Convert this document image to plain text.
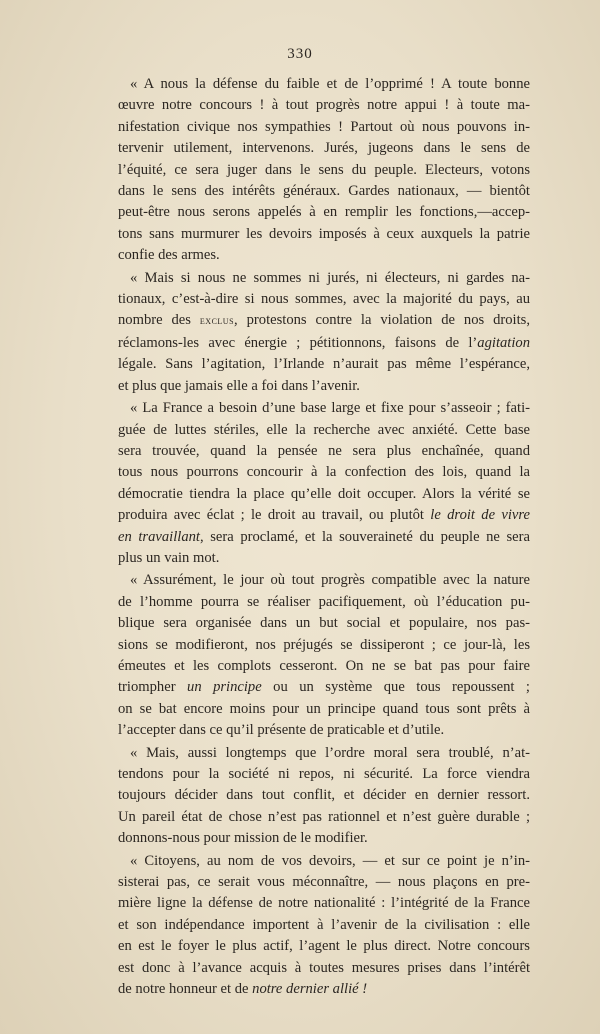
330
« A nous la défense du faible et de l’opprimé ! A toute bonne
œuvre notre concours ! à tout progrès notre appui ! à toute ma-
nifestation civique nos sympathies ! Partout où nous pouvons in-
tervenir utilement, intervenons. Jurés, jugeons dans le sens de
l’équité, ce sera juger dans le sens du peuple. Electeurs, votons
dans le sens des intérêts généraux. Gardes nationaux, — bientôt
peut-être nous serons appelés à en remplir les fonctions,—accep-
tons sans murmurer les devoirs imposés à ceux auxquels la patrie
confie des armes.
« Mais si nous ne sommes ni jurés, ni électeurs, ni gardes na-
tionaux, c’est-à-dire si nous sommes, avec la majorité du pays, au
nombre des exclus, protestons contre la violation de nos droits,
réclamons-les avec énergie ; pétitionnons, faisons de l’agitation
légale. Sans l’agitation, l’Irlande n’aurait pas même l’espérance,
et plus que jamais elle a foi dans l’avenir.
« La France a besoin d’une base large et fixe pour s’asseoir ; fati-
guée de luttes stériles, elle la recherche avec anxiété. Cette base
sera trouvée, quand la pensée ne sera plus enchaînée, quand
tous nous pourrons concourir à la confection des lois, quand la
démocratie tiendra la place qu’elle doit occuper. Alors la vérité se
produira avec éclat ; le droit au travail, ou plutôt le droit de vivre
en travaillant, sera proclamé, et la souveraineté du peuple ne sera
plus un vain mot.
« Assurément, le jour où tout progrès compatible avec la nature
de l’homme pourra se réaliser pacifiquement, où l’éducation pu-
blique sera organisée dans un but social et populaire, nos pas-
sions se modifieront, nos préjugés se dissiperont ; ce jour-là, les
émeutes et les complots cesseront. On ne se bat pas pour faire
triompher un principe ou un système que tous repoussent ;
on se bat encore moins pour un principe quand tous sont prêts à
l’accepter dans ce qu’il présente de praticable et d’utile.
« Mais, aussi longtemps que l’ordre moral sera troublé, n’at-
tendons pour la société ni repos, ni sécurité. La force viendra
toujours décider dans tout conflit, et décider en dernier ressort.
Un pareil état de chose n’est pas rationnel et n’est guère durable ;
donnons-nous pour mission de le modifier.
« Citoyens, au nom de vos devoirs, — et sur ce point je n’in-
sisterai pas, ce serait vous méconnaître, — nous plaçons en pre-
mière ligne la défense de notre nationalité : l’intégrité de la France
et son indépendance importent à l’avenir de la civilisation : elle
en est le foyer le plus actif, l’agent le plus direct. Notre concours
est donc à l’avance acquis à toutes mesures prises dans l’intérêt
de notre honneur et de notre dernier allié !
